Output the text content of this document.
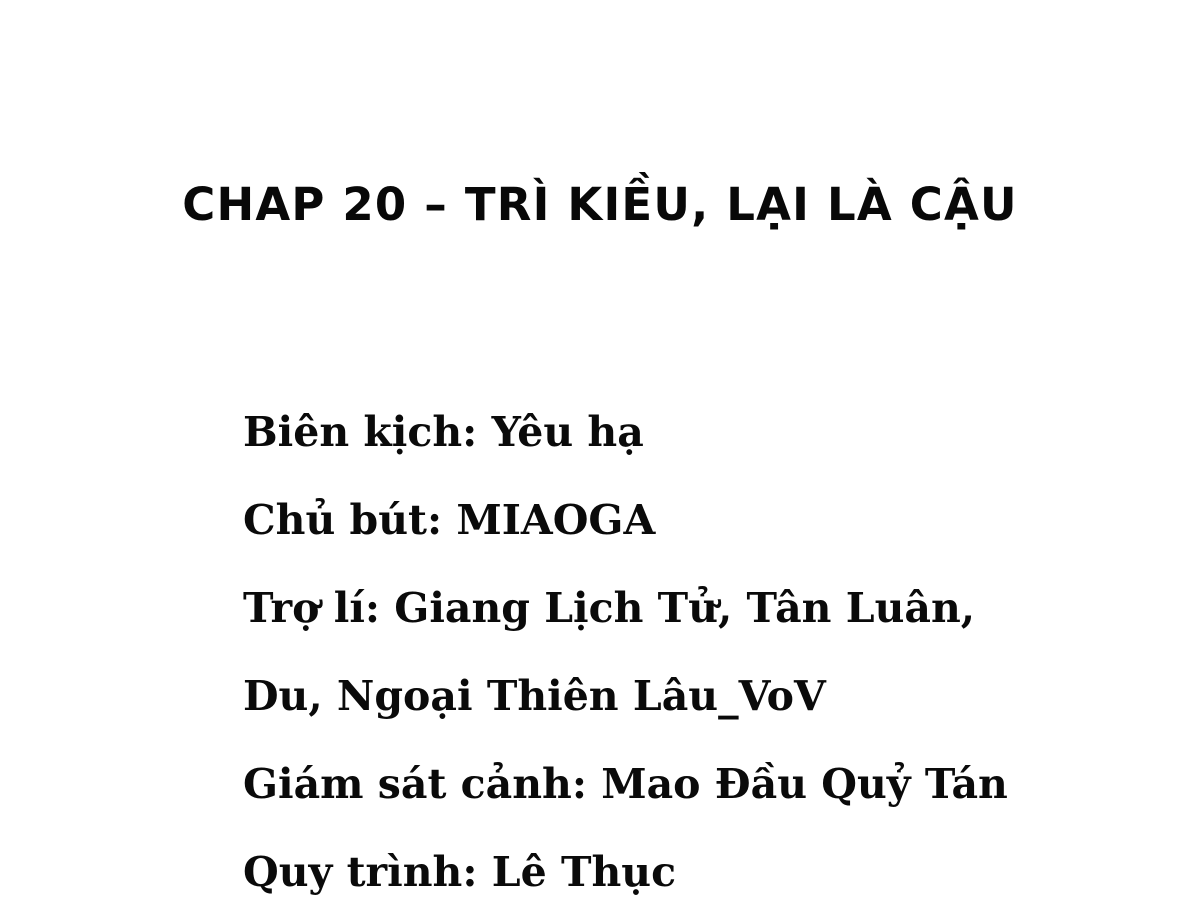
CHAP 20 – TRÌ KIỀU, LẠI LÀ CẬU
Biên kịch: Yêu hạ
Chủ bút: MIAOGA
Trợ lí: Giang Lịch Tử, Tân Luân,
Du, Ngoại Thiên Lâu_VoV
Giám sát cảnh: Mao Đầu Quỷ Tán
Quy trình: Lê Thục
